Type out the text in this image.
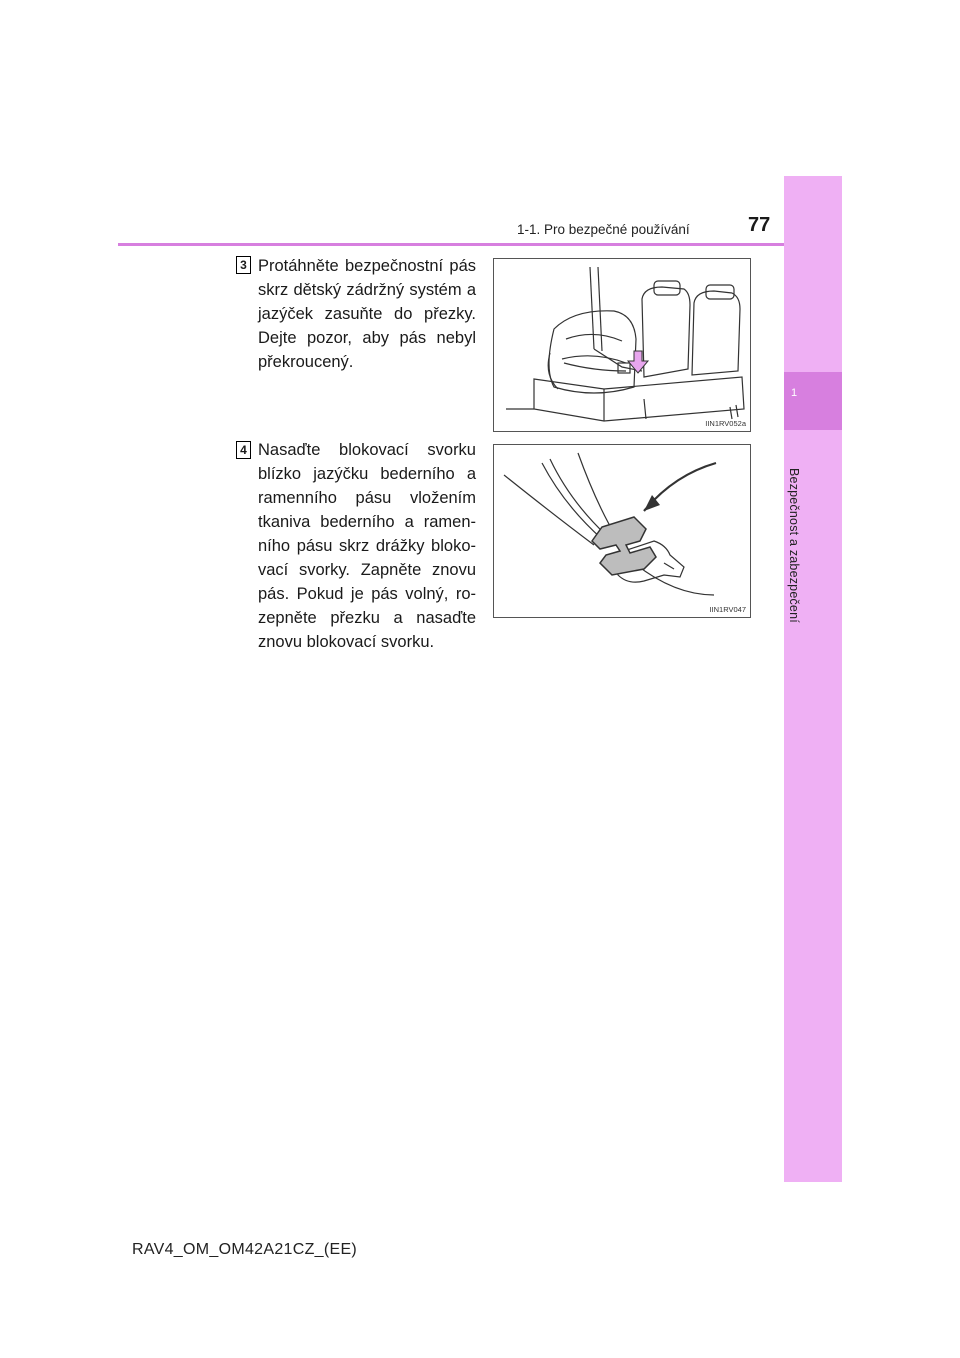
1
Bezpečnost a zabezpečení
1-1. Pro bezpečné používání	77
3 Protáhněte bezpečnostní pás skrz dětský zádržný systém a jazýček zasuňte do přezky. Dejte pozor, aby pás nebyl překroucený.
IIN1RV052a
4 Nasaďte blokovací svorku blízko jazýčku bederního a ramenního pásu vložením tkaniva bederního a ramen-ního pásu skrz drážky bloko-vací svorky. Zapněte znovu pás. Pokud je pás volný, ro-zepněte přezku a nasaďte znovu blokovací svorku.
IIN1RV047
RAV4_OM_OM42A21CZ_(EE)
